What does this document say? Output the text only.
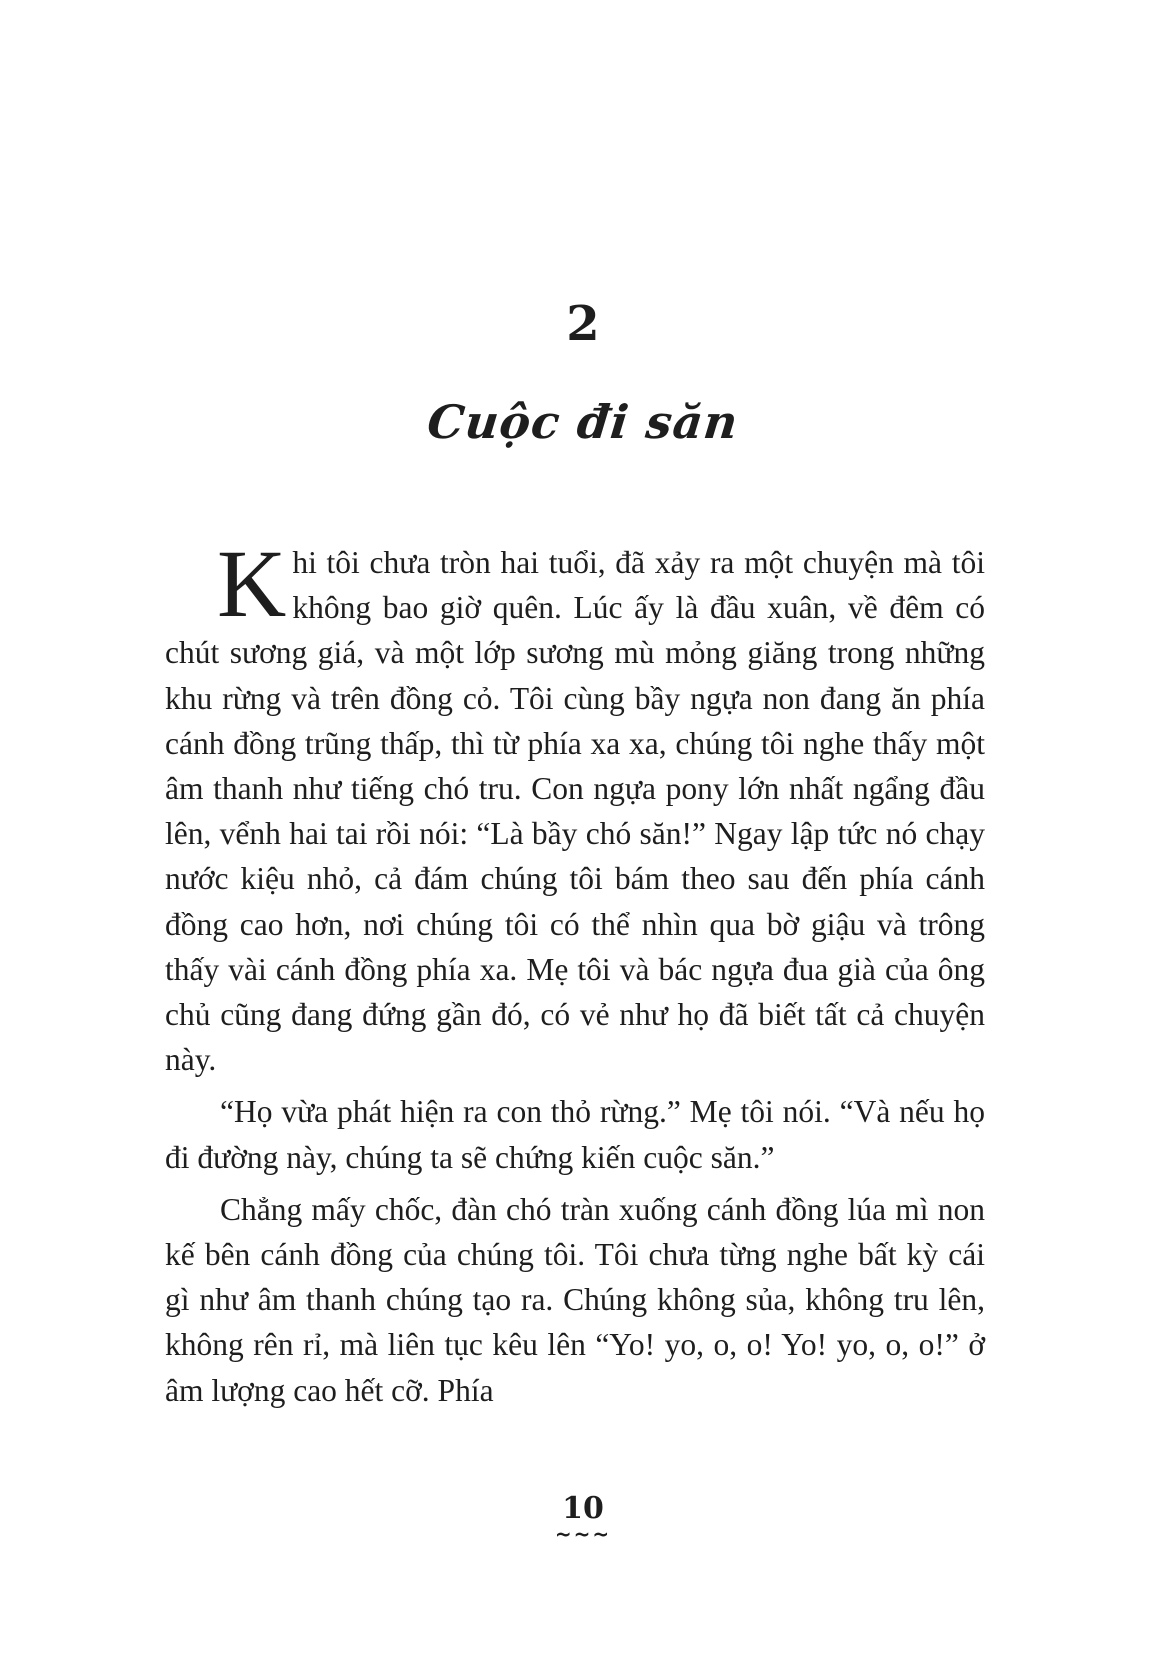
2
Cuộc đi săn

Khi tôi chưa tròn hai tuổi, đã xảy ra một chuyện mà tôi không bao giờ quên. Lúc ấy là đầu xuân, về đêm có chút sương giá, và một lớp sương mù mỏng giăng trong những khu rừng và trên đồng cỏ. Tôi cùng bầy ngựa non đang ăn phía cánh đồng trũng thấp, thì từ phía xa xa, chúng tôi nghe thấy một âm thanh như tiếng chó tru. Con ngựa pony lớn nhất ngẩng đầu lên, vểnh hai tai rồi nói: “Là bầy chó săn!” Ngay lập tức nó chạy nước kiệu nhỏ, cả đám chúng tôi bám theo sau đến phía cánh đồng cao hơn, nơi chúng tôi có thể nhìn qua bờ giậu và trông thấy vài cánh đồng phía xa. Mẹ tôi và bác ngựa đua già của ông chủ cũng đang đứng gần đó, có vẻ như họ đã biết tất cả chuyện này.

“Họ vừa phát hiện ra con thỏ rừng.” Mẹ tôi nói. “Và nếu họ đi đường này, chúng ta sẽ chứng kiến cuộc săn.”

Chẳng mấy chốc, đàn chó tràn xuống cánh đồng lúa mì non kế bên cánh đồng của chúng tôi. Tôi chưa từng nghe bất kỳ cái gì như âm thanh chúng tạo ra. Chúng không sủa, không tru lên, không rên rỉ, mà liên tục kêu lên “Yo! yo, o, o! Yo! yo, o, o!” ở âm lượng cao hết cỡ. Phía

10
~~~
